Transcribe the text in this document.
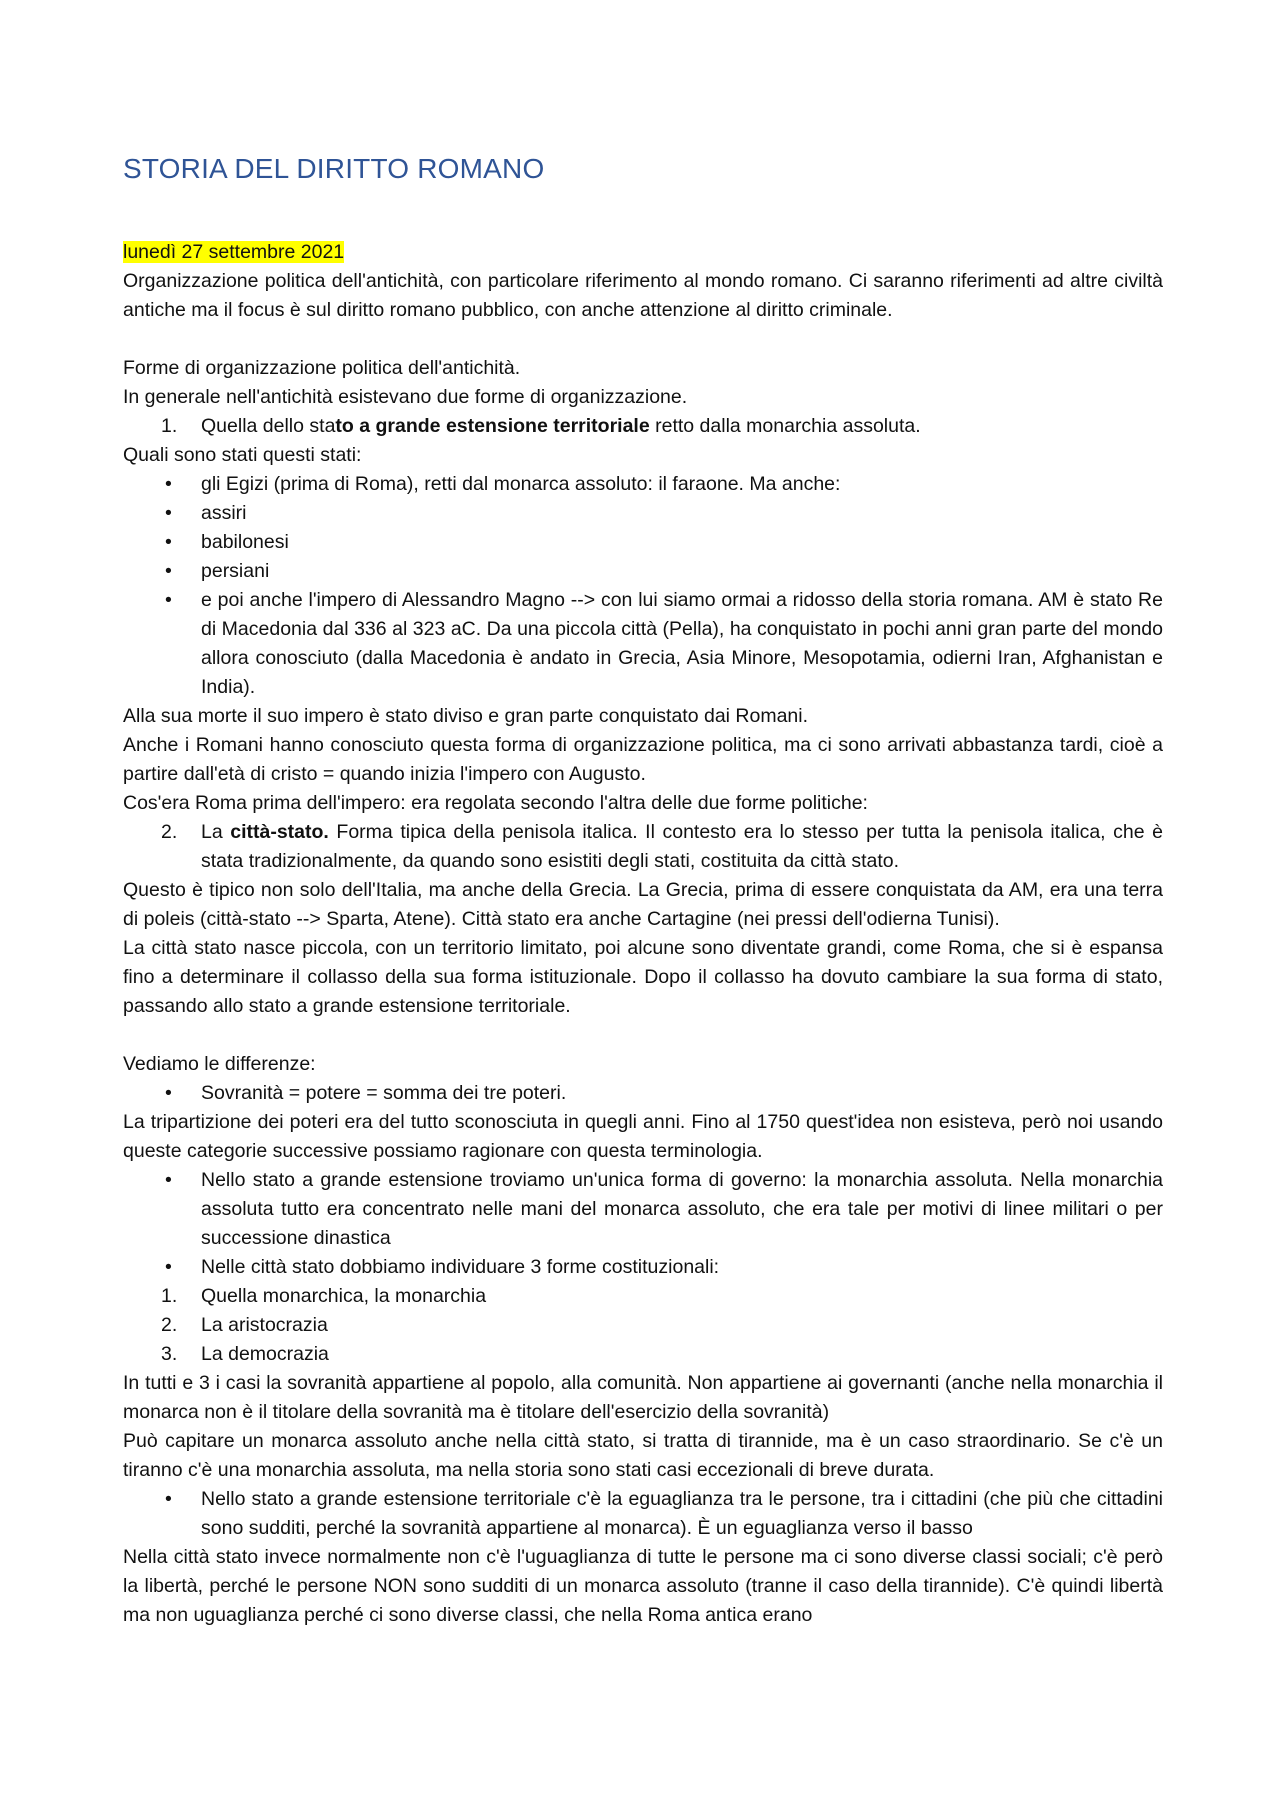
STORIA DEL DIRITTO ROMANO

lunedì 27 settembre 2021

Organizzazione politica dell'antichità, con particolare riferimento al mondo romano. Ci saranno riferimenti ad altre civiltà antiche ma il focus è sul diritto romano pubblico, con anche attenzione al diritto criminale.

Forme di organizzazione politica dell'antichità.

In generale nell'antichità esistevano due forme di organizzazione.

1.	Quella dello stato a grande estensione territoriale retto dalla monarchia assoluta.

Quali sono stati questi stati:

•	gli Egizi (prima di Roma), retti dal monarca assoluto: il faraone. Ma anche:
•	assiri
•	babilonesi
•	persiani
•	e poi anche l'impero di Alessandro Magno --> con lui siamo ormai a ridosso della storia romana. AM è stato Re di Macedonia dal 336 al 323 aC. Da una piccola città (Pella), ha conquistato in pochi anni gran parte del mondo allora conosciuto (dalla Macedonia è andato in Grecia, Asia Minore, Mesopotamia, odierni Iran, Afghanistan e India).

Alla sua morte il suo impero è stato diviso e gran parte conquistato dai Romani.

Anche i Romani hanno conosciuto questa forma di organizzazione politica, ma ci sono arrivati abbastanza tardi, cioè a partire dall'età di cristo = quando inizia l'impero con Augusto.

Cos'era Roma prima dell'impero: era regolata secondo l'altra delle due forme politiche:

2.	La città-stato. Forma tipica della penisola italica. Il contesto era lo stesso per tutta la penisola italica, che è stata tradizionalmente, da quando sono esistiti degli stati, costituita da città stato.

Questo è tipico non solo dell'Italia, ma anche della Grecia. La Grecia, prima di essere conquistata da AM, era una terra di poleis (città-stato --> Sparta, Atene). Città stato era anche Cartagine (nei pressi dell'odierna Tunisi).

La città stato nasce piccola, con un territorio limitato, poi alcune sono diventate grandi, come Roma, che si è espansa fino a determinare il collasso della sua forma istituzionale. Dopo il collasso ha dovuto cambiare la sua forma di stato, passando allo stato a grande estensione territoriale.

Vediamo le differenze:

•	Sovranità = potere = somma dei tre poteri.

La tripartizione dei poteri era del tutto sconosciuta in quegli anni. Fino al 1750 quest'idea non esisteva, però noi usando queste categorie successive possiamo ragionare con questa terminologia.

•	Nello stato a grande estensione troviamo un'unica forma di governo: la monarchia assoluta. Nella monarchia assoluta tutto era concentrato nelle mani del monarca assoluto, che era tale per motivi di linee militari o per successione dinastica
•	Nelle città stato dobbiamo individuare 3 forme costituzionali:
1.	Quella monarchica, la monarchia
2.	La aristocrazia
3.	La democrazia

In tutti e 3 i casi la sovranità appartiene al popolo, alla comunità. Non appartiene ai governanti (anche nella monarchia il monarca non è il titolare della sovranità ma è titolare dell'esercizio della sovranità)

Può capitare un monarca assoluto anche nella città stato, si tratta di tirannide, ma è un caso straordinario. Se c'è un tiranno c'è una monarchia assoluta, ma nella storia sono stati casi eccezionali di breve durata.

•	Nello stato a grande estensione territoriale c'è la eguaglianza tra le persone, tra i cittadini (che più che cittadini sono sudditi, perché la sovranità appartiene al monarca). È un eguaglianza verso il basso

Nella città stato invece normalmente non c'è l'uguaglianza di tutte le persone ma ci sono diverse classi sociali; c'è però la libertà, perché le persone NON sono sudditi di un monarca assoluto (tranne il caso della tirannide). C'è quindi libertà ma non uguaglianza perché ci sono diverse classi, che nella Roma antica erano
